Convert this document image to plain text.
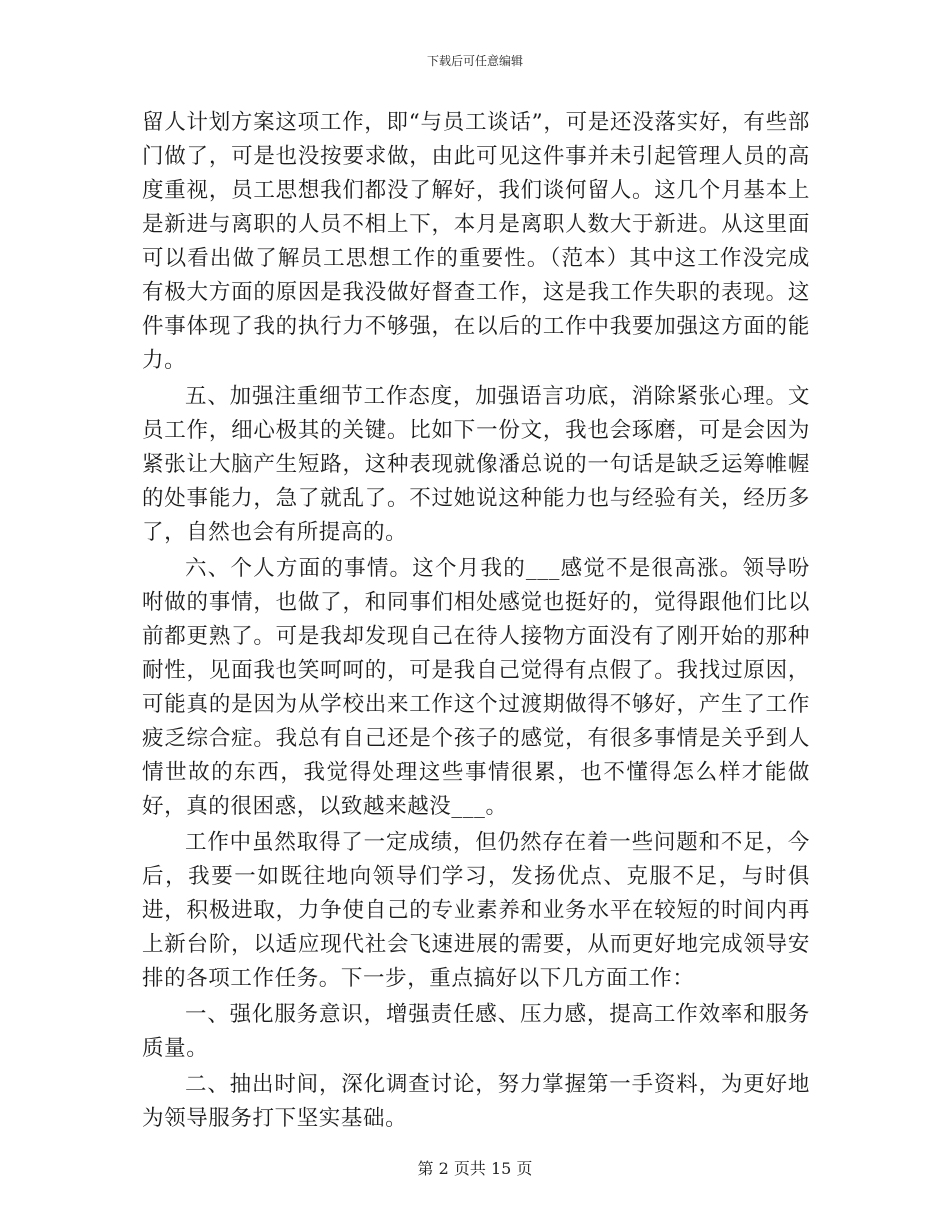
下载后可任意编辑

留人计划方案这项工作，即“与员工谈话”，可是还没落实好，有些部门做了，可是也没按要求做，由此可见这件事并未引起管理人员的高度重视，员工思想我们都没了解好，我们谈何留人。这几个月基本上是新进与离职的人员不相上下，本月是离职人数大于新进。从这里面可以看出做了解员工思想工作的重要性。（范本）其中这工作没完成有极大方面的原因是我没做好督查工作，这是我工作失职的表现。这件事体现了我的执行力不够强，在以后的工作中我要加强这方面的能力。

五、加强注重细节工作态度，加强语言功底，消除紧张心理。文员工作，细心极其的关键。比如下一份文，我也会琢磨，可是会因为紧张让大脑产生短路，这种表现就像潘总说的一句话是缺乏运筹帷幄的处事能力，急了就乱了。不过她说这种能力也与经验有关，经历多了，自然也会有所提高的。

六、个人方面的事情。这个月我的___感觉不是很高涨。领导吩咐做的事情，也做了，和同事们相处感觉也挺好的，觉得跟他们比以前都更熟了。可是我却发现自己在待人接物方面没有了刚开始的那种耐性，见面我也笑呵呵的，可是我自己觉得有点假了。我找过原因，可能真的是因为从学校出来工作这个过渡期做得不够好，产生了工作疲乏综合症。我总有自己还是个孩子的感觉，有很多事情是关乎到人情世故的东西，我觉得处理这些事情很累，也不懂得怎么样才能做好，真的很困惑，以致越来越没___。

工作中虽然取得了一定成绩，但仍然存在着一些问题和不足，今后，我要一如既往地向领导们学习，发扬优点、克服不足，与时俱进，积极进取，力争使自己的专业素养和业务水平在较短的时间内再上新台阶，以适应现代社会飞速进展的需要，从而更好地完成领导安排的各项工作任务。下一步，重点搞好以下几方面工作：

一、强化服务意识，增强责任感、压力感，提高工作效率和服务质量。

二、抽出时间，深化调查讨论，努力掌握第一手资料，为更好地为领导服务打下坚实基础。

第 2 页共 15 页
